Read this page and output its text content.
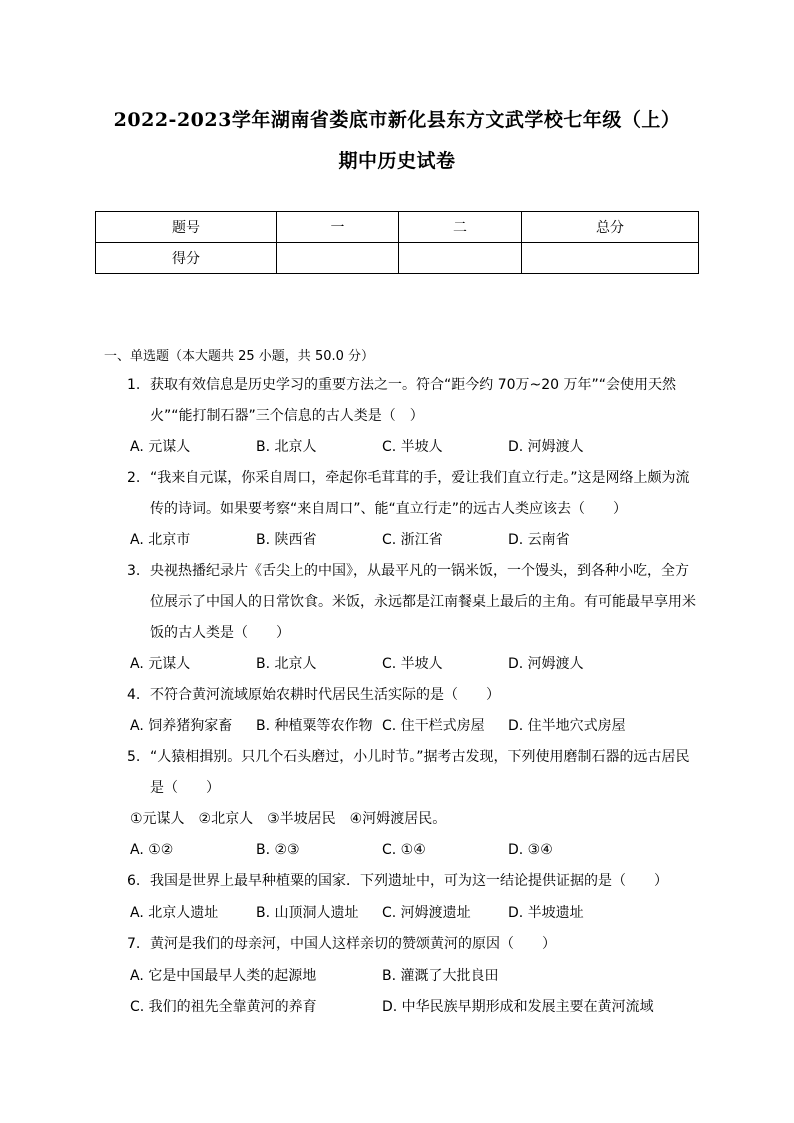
2022-2023学年湖南省娄底市新化县东方文武学校七年级（上）
期中历史试卷
题号	一	二	总分
得分			
一、单选题（本大题共 25 小题，共 50.0 分）
1. 获取有效信息是历史学习的重要方法之一。符合“距今约 70万~20 万年”“会使用天然火”“能打制石器”三个信息的古人类是（　）
A. 元谋人	B. 北京人	C. 半坡人	D. 河姆渡人
2. “我来自元谋，你采自周口，牵起你毛茸茸的手，爱让我们直立行走。”这是网络上颇为流传的诗词。如果要考察“来自周口”、能“直立行走”的远古人类应该去（　　）
A. 北京市	B. 陕西省	C. 浙江省	D. 云南省
3. 央视热播纪录片《舌尖上的中国》，从最平凡的一锅米饭，一个馒头，到各种小吃，全方位展示了中国人的日常饮食。米饭，永远都是江南餐桌上最后的主角。有可能最早享用米饭的古人类是（　　）
A. 元谋人	B. 北京人	C. 半坡人	D. 河姆渡人
4. 不符合黄河流域原始农耕时代居民生活实际的是（　　）
A. 饲养猪狗家畜 B. 种植粟等农作物 C. 住干栏式房屋 D. 住半地穴式房屋
5. “人猿相揖别。只几个石头磨过，小儿时节。”据考古发现，下列使用磨制石器的远古居民是（　　）
①元谋人　②北京人　③半坡居民　④河姆渡居民。
A. ①②	B. ②③	C. ①④	D. ③④
6. 我国是世界上最早种植粟的国家．下列遗址中，可为这一结论提供证据的是（　　）
A. 北京人遗址	B. 山顶洞人遗址 C. 河姆渡遗址	D. 半坡遗址
7. 黄河是我们的母亲河，中国人这样亲切的赞颂黄河的原因（　　）
A. 它是中国最早人类的起源地	B. 灌溉了大批良田
C. 我们的祖先全靠黄河的养育	D. 中华民族早期形成和发展主要在黄河流域
